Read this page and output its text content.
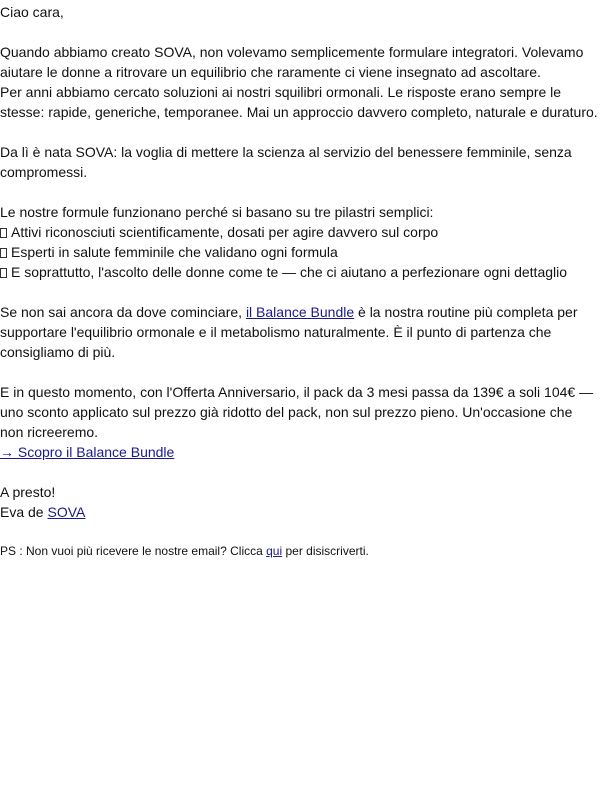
Ciao cara,

Quando abbiamo creato SOVA, non volevamo semplicemente formulare integratori. Volevamo aiutare le donne a ritrovare un equilibrio che raramente ci viene insegnato ad ascoltare.
Per anni abbiamo cercato soluzioni ai nostri squilibri ormonali. Le risposte erano sempre le stesse: rapide, generiche, temporanee. Mai un approccio davvero completo, naturale e duraturo.

Da lì è nata SOVA: la voglia di mettere la scienza al servizio del benessere femminile, senza compromessi.

Le nostre formule funzionano perché si basano su tre pilastri semplici:
Attivi riconosciuti scientificamente, dosati per agire davvero sul corpo
Esperti in salute femminile che validano ogni formula
E soprattutto, l'ascolto delle donne come te — che ci aiutano a perfezionare ogni dettaglio

Se non sai ancora da dove cominciare, il Balance Bundle è la nostra routine più completa per supportare l'equilibrio ormonale e il metabolismo naturalmente. È il punto di partenza che consigliamo di più.

E in questo momento, con l'Offerta Anniversario, il pack da 3 mesi passa da 139€ a soli 104€ — uno sconto applicato sul prezzo già ridotto del pack, non sul prezzo pieno. Un'occasione che non ricreeremo.
→ Scopro il Balance Bundle

A presto!
Eva de SOVA

PS : Non vuoi più ricevere le nostre email? Clicca qui per disiscriverti.
